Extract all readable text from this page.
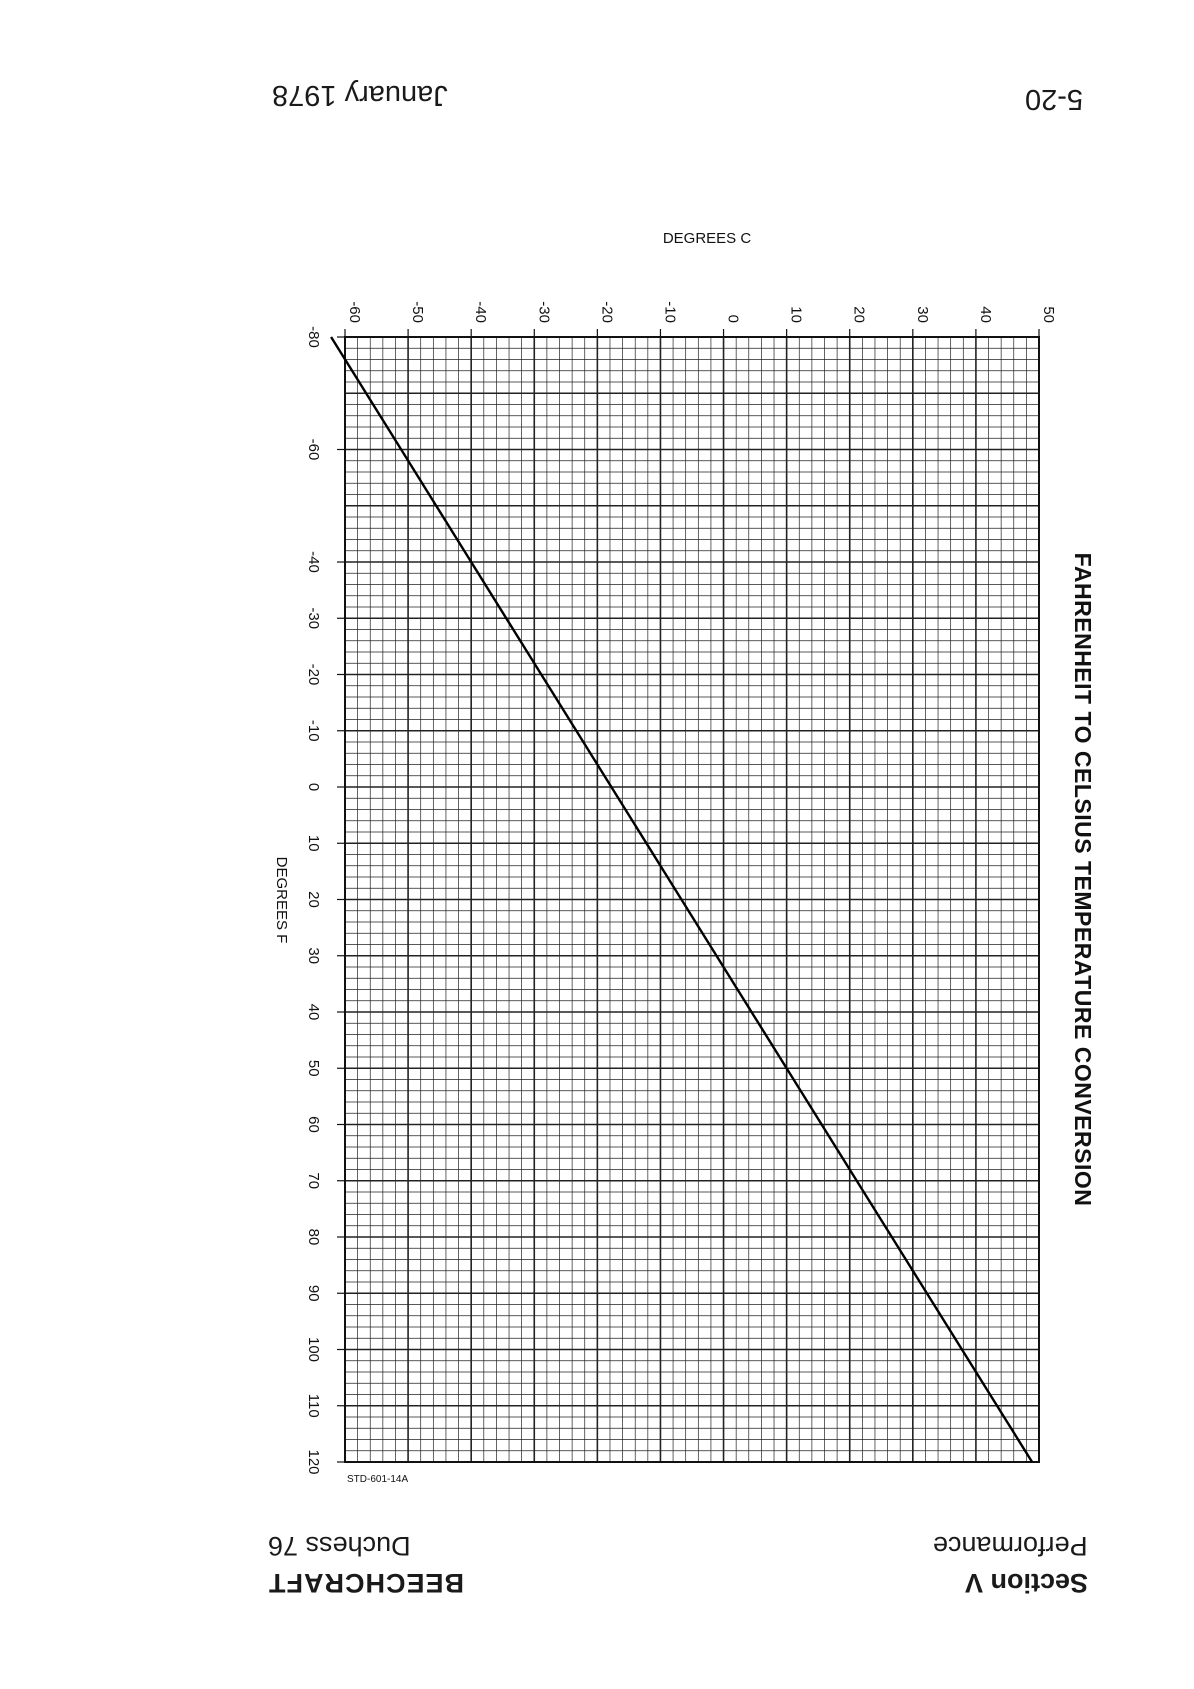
5-20
January 1978
-60	-50	-40	-30	-20	-10	0	10	20	30	40	50
-80
-60
-40
-30
-20
-10
0
10
20
30
40
50
60
70
80
90
100
110
120
DEGREES C
DEGREES F	FAHRENHEIT TO CELSIUS TEMPERATURE CONVERSION
STD-601-14A
Section V
Performance
BEECHCRAFT
Duchess 76
